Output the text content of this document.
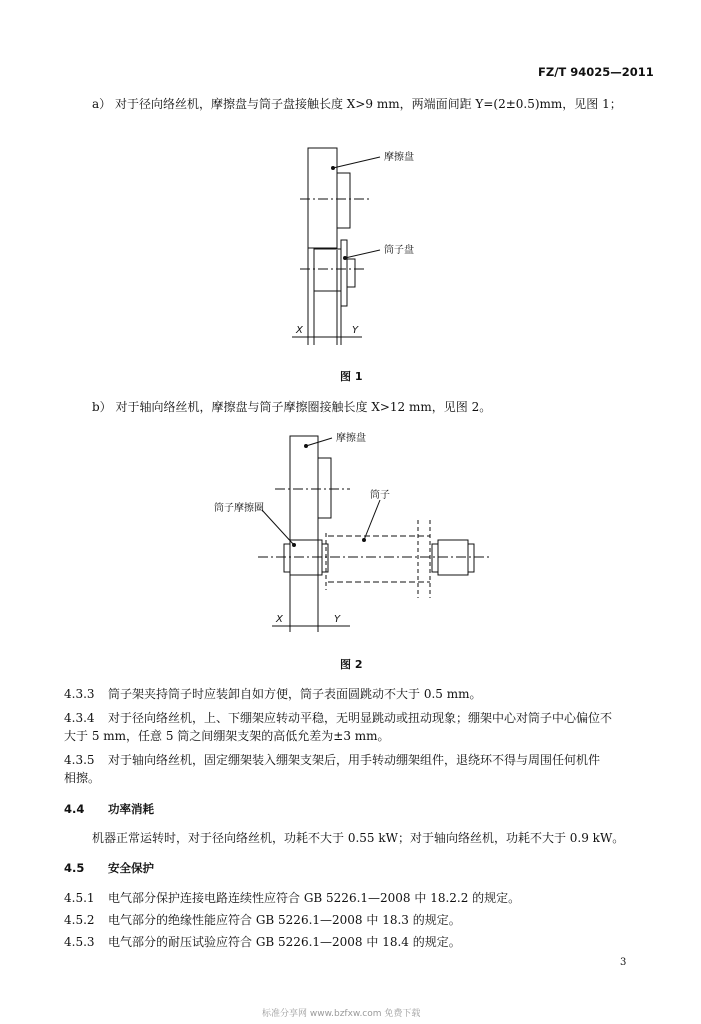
FZ/T 94025—2011
a） 对于径向络丝机，摩擦盘与筒子盘接触长度 X>9 mm，两端面间距 Y=(2±0.5)mm，见图 1；
摩擦盘
筒子盘
X	Y
图 1
b） 对于轴向络丝机，摩擦盘与筒子摩擦圈接触长度 X>12 mm，见图 2。
摩擦盘
筒子摩擦圈
筒子
X	Y
图 2
4.3.3 筒子架夹持筒子时应装卸自如方便，筒子表面圆跳动不大于 0.5 mm。
4.3.4 对于径向络丝机，上、下绷架应转动平稳，无明显跳动或扭动现象；绷架中心对筒子中心偏位不
大于 5 mm，任意 5 筒之间绷架支架的高低允差为±3 mm。
4.3.5 对于轴向络丝机，固定绷架装入绷架支架后，用手转动绷架组件，退绕环不得与周围任何机件
相擦。
4.4 功率消耗
机器正常运转时，对于径向络丝机，功耗不大于 0.55 kW；对于轴向络丝机，功耗不大于 0.9 kW。
4.5 安全保护
4.5.1 电气部分保护连接电路连续性应符合 GB 5226.1—2008 中 18.2.2 的规定。
4.5.2 电气部分的绝缘性能应符合 GB 5226.1—2008 中 18.3 的规定。
4.5.3 电气部分的耐压试验应符合 GB 5226.1—2008 中 18.4 的规定。
3
标准分享网 www.bzfxw.com 免费下载
